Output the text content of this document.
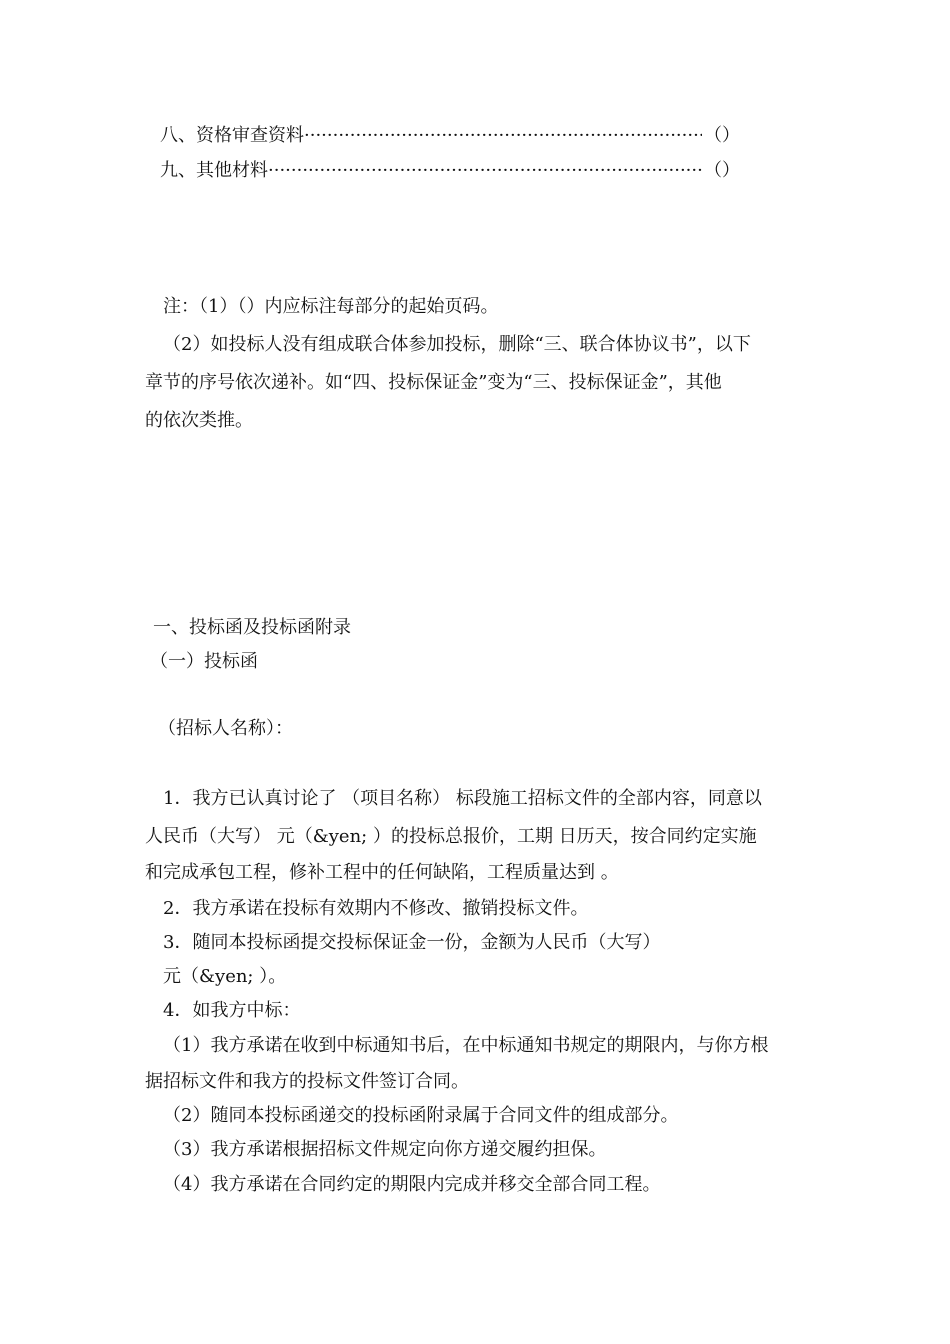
八、资格审查资料 ·····	（）
九、其他材料 ·····	（）

注：（1）（）内应标注每部分的起始页码。

（2）如投标人没有组成联合体参加投标，删除“三、联合体协议书”，以下

章节的序号依次递补。如“四、投标保证金”变为“三、投标保证金”，其他

的依次类推。

一、投标函及投标函附录

（一）投标函

（招标人名称）：

1．我方已认真讨论了 （项目名称） 标段施工招标文件的全部内容，同意以

人民币（大写） 元（&yen; ）的投标总报价，工期 日历天，按合同约定实施

和完成承包工程，修补工程中的任何缺陷，工程质量达到 。

2．我方承诺在投标有效期内不修改、撤销投标文件。

3．随同本投标函提交投标保证金一份，金额为人民币（大写）

元（&yen; ）。

4．如我方中标：

（1）我方承诺在收到中标通知书后，在中标通知书规定的期限内，与你方根

据招标文件和我方的投标文件签订合同。

（2）随同本投标函递交的投标函附录属于合同文件的组成部分。

（3）我方承诺根据招标文件规定向你方递交履约担保。

（4）我方承诺在合同约定的期限内完成并移交全部合同工程。
